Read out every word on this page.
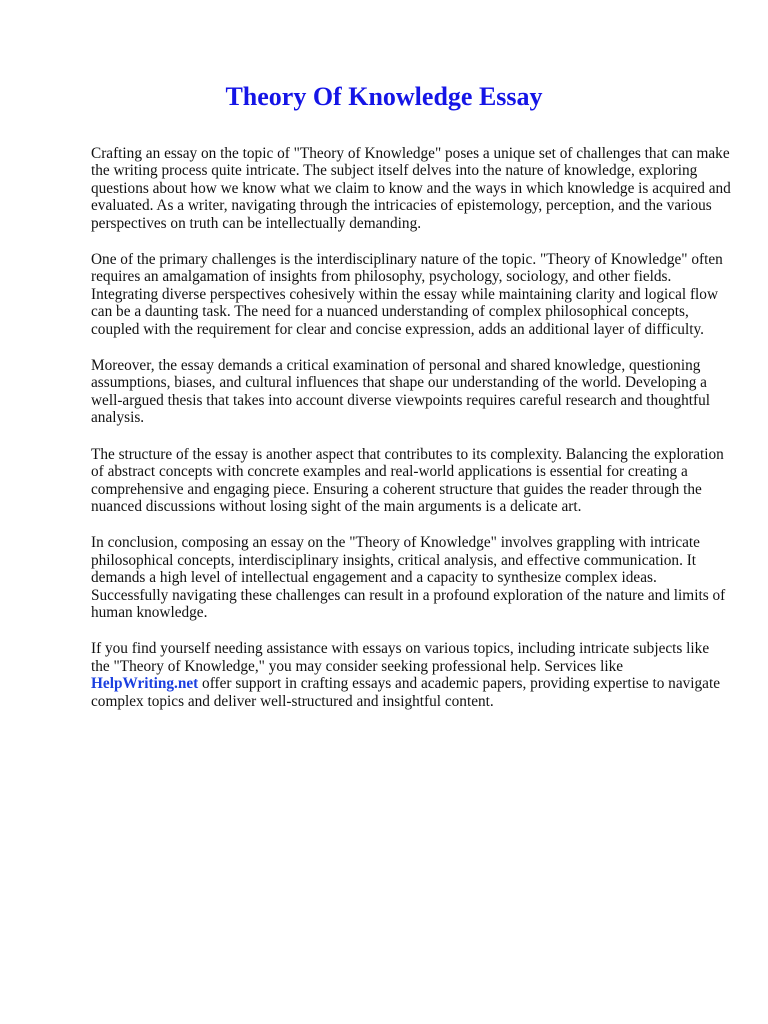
Theory Of Knowledge Essay

Crafting an essay on the topic of "Theory of Knowledge" poses a unique set of challenges that can make the writing process quite intricate. The subject itself delves into the nature of knowledge, exploring questions about how we know what we claim to know and the ways in which knowledge is acquired and evaluated. As a writer, navigating through the intricacies of epistemology, perception, and the various perspectives on truth can be intellectually demanding.

One of the primary challenges is the interdisciplinary nature of the topic. "Theory of Knowledge" often requires an amalgamation of insights from philosophy, psychology, sociology, and other fields. Integrating diverse perspectives cohesively within the essay while maintaining clarity and logical flow can be a daunting task. The need for a nuanced understanding of complex philosophical concepts, coupled with the requirement for clear and concise expression, adds an additional layer of difficulty.

Moreover, the essay demands a critical examination of personal and shared knowledge, questioning assumptions, biases, and cultural influences that shape our understanding of the world. Developing a well-argued thesis that takes into account diverse viewpoints requires careful research and thoughtful analysis.

The structure of the essay is another aspect that contributes to its complexity. Balancing the exploration of abstract concepts with concrete examples and real-world applications is essential for creating a comprehensive and engaging piece. Ensuring a coherent structure that guides the reader through the nuanced discussions without losing sight of the main arguments is a delicate art.

In conclusion, composing an essay on the "Theory of Knowledge" involves grappling with intricate philosophical concepts, interdisciplinary insights, critical analysis, and effective communication. It demands a high level of intellectual engagement and a capacity to synthesize complex ideas. Successfully navigating these challenges can result in a profound exploration of the nature and limits of human knowledge.

If you find yourself needing assistance with essays on various topics, including intricate subjects like the "Theory of Knowledge," you may consider seeking professional help. Services like HelpWriting.net offer support in crafting essays and academic papers, providing expertise to navigate complex topics and deliver well-structured and insightful content.
